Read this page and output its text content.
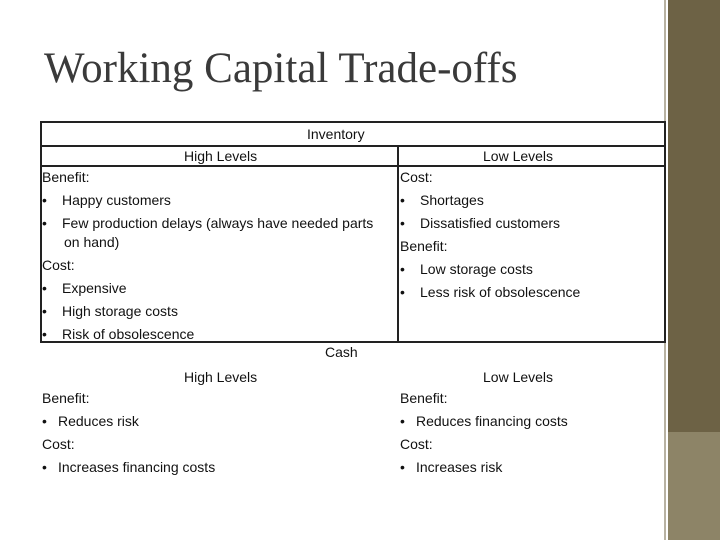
Working Capital Trade-offs
Inventory
High Levels
Benefit:
• Happy customers
• Few production delays (always have needed parts
on hand)
Cost:
• Expensive
• High storage costs
• Risk of obsolescence
Low Levels
Cost:
• Shortages
• Dissatisfied customers
Benefit:
• Low storage costs
• Less risk of obsolescence
Cash
High Levels
Benefit:
• Reduces risk
Cost:
• Increases financing costs
Low Levels
Benefit:
• Reduces financing costs
Cost:
• Increases risk
